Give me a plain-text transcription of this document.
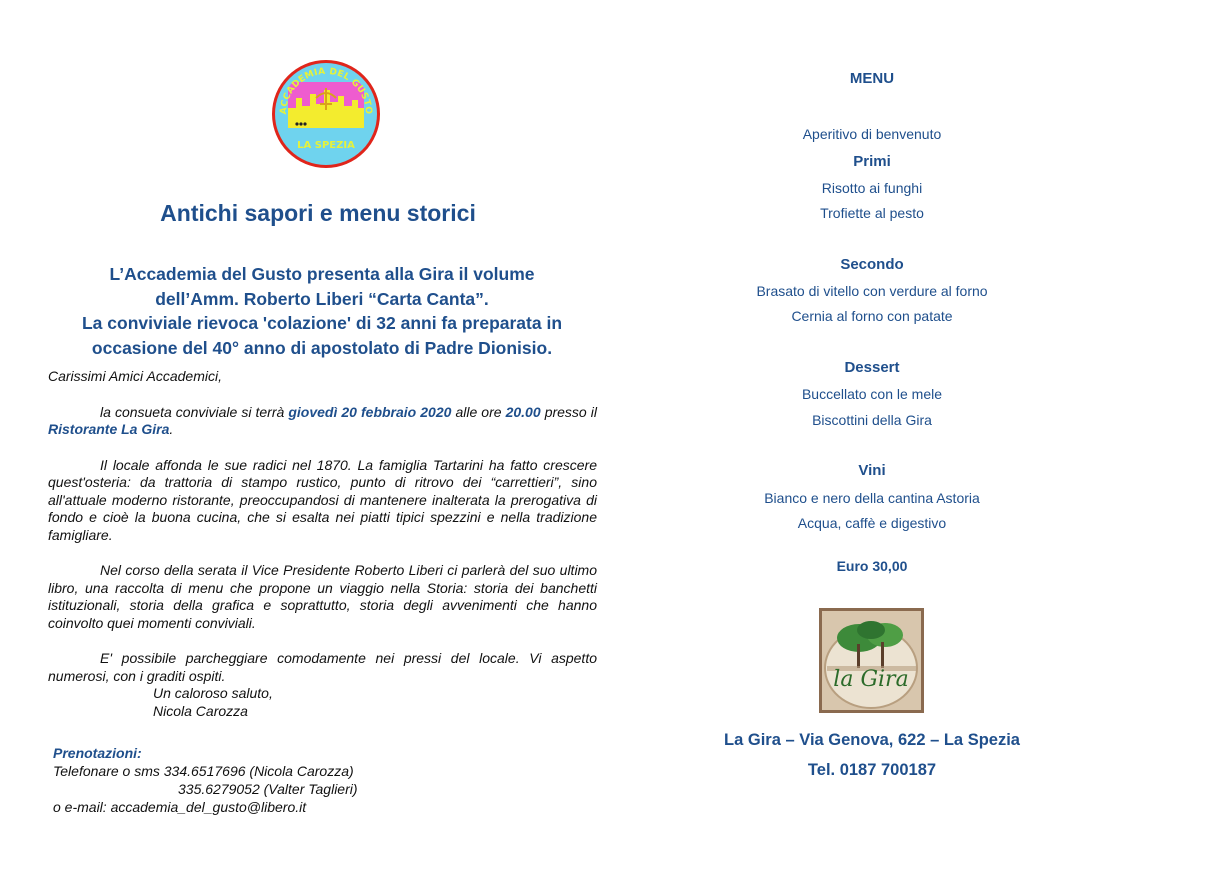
ACCADEMIA DEL GUSTO
LA SPEZIA
Antichi sapori e menu storici
L’Accademia del Gusto presenta alla Gira il volume
dell’Amm. Roberto Liberi “Carta Canta”.
La conviviale rievoca 'colazione' di 32 anni fa preparata in
occasione del 40° anno di apostolato di Padre Dionisio.

Carissimi Amici Accademici,

la consueta conviviale si terrà giovedì 20 febbraio 2020 alle ore 20.00 presso il Ristorante La Gira.

Il locale affonda le sue radici nel 1870. La famiglia Tartarini ha fatto crescere quest'osteria: da trattoria di stampo rustico, punto di ritrovo dei “carrettieri”, sino all'attuale moderno ristorante, preoccupandosi di mantenere inalterata la prerogativa di fondo e cioè la buona cucina, che si esalta nei piatti tipici spezzini e nella tradizione famigliare.

Nel corso della serata il Vice Presidente Roberto Liberi ci parlerà del suo ultimo libro, una raccolta di menu che propone un viaggio nella Storia: storia dei banchetti istituzionali, storia della grafica e soprattutto, storia degli avvenimenti che hanno coinvolto quei momenti conviviali.

E' possibile parcheggiare comodamente nei pressi del locale. Vi aspetto numerosi, con i graditi ospiti.

Un caloroso saluto,

Nicola Carozza

Prenotazioni:
Telefonare o sms 334.6517696 (Nicola Carozza)
335.6279052 (Valter Taglieri)
o e-mail: accademia_del_gusto@libero.it
MENU
Aperitivo di benvenuto
Primi
Risotto ai funghi
Trofiette al pesto
Secondo
Brasato di vitello con verdure al forno
Cernia al forno con patate
Dessert
Buccellato con le mele
Biscottini della Gira
Vini
Bianco e nero della cantina Astoria
Acqua, caffè e digestivo
Euro 30,00
la Gira
La Gira – Via Genova, 622 – La Spezia
Tel. 0187 700187
